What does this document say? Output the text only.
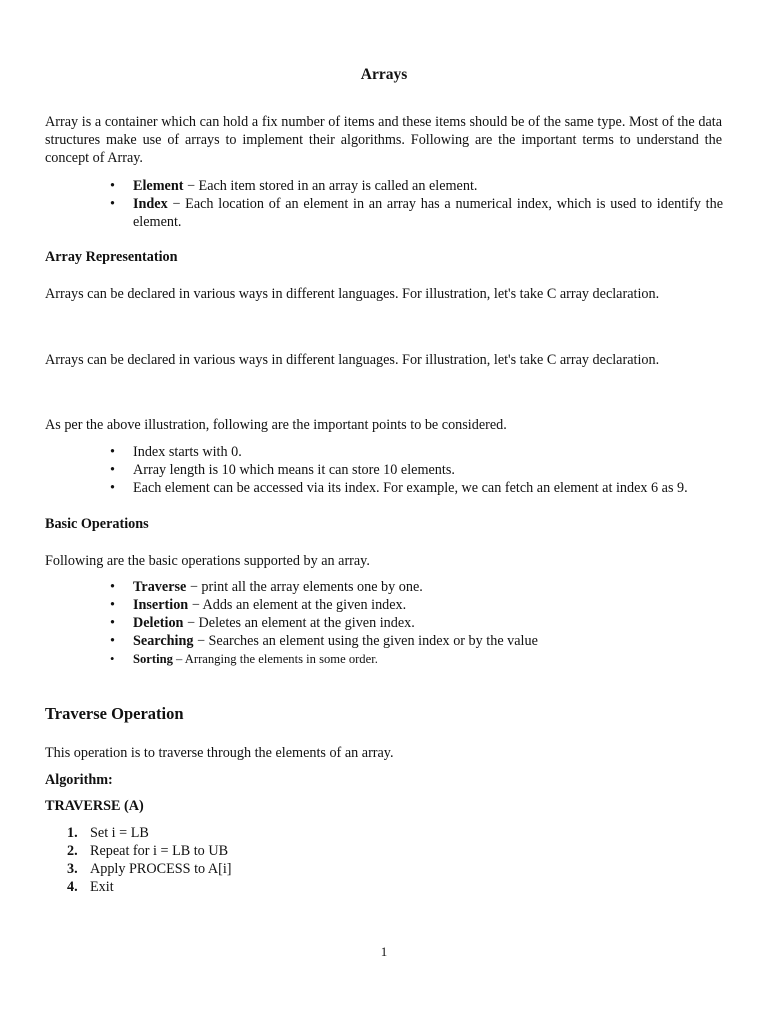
Arrays

Array is a container which can hold a fix number of items and these items should be of the same type. Most of the data structures make use of arrays to implement their algorithms. Following are the important terms to understand the concept of Array.

• Element − Each item stored in an array is called an element.
• Index − Each location of an element in an array has a numerical index, which is used to identify the element.
Array Representation

Arrays can be declared in various ways in different languages. For illustration, let's take C array declaration.

Arrays can be declared in various ways in different languages. For illustration, let's take C array declaration.

As per the above illustration, following are the important points to be considered.

• Index starts with 0.
• Array length is 10 which means it can store 10 elements.
• Each element can be accessed via its index. For example, we can fetch an element at index 6 as 9.
Basic Operations

Following are the basic operations supported by an array.

• Traverse − print all the array elements one by one.
• Insertion − Adds an element at the given index.
• Deletion − Deletes an element at the given index.
• Searching − Searches an element using the given index or by the value
• Sorting – Arranging the elements in some order.
Traverse Operation

This operation is to traverse through the elements of an array.

Algorithm:
TRAVERSE (A)
1. Set i = LB
2. Repeat for i = LB to UB
3. Apply PROCESS to A[i]
4. Exit
1
